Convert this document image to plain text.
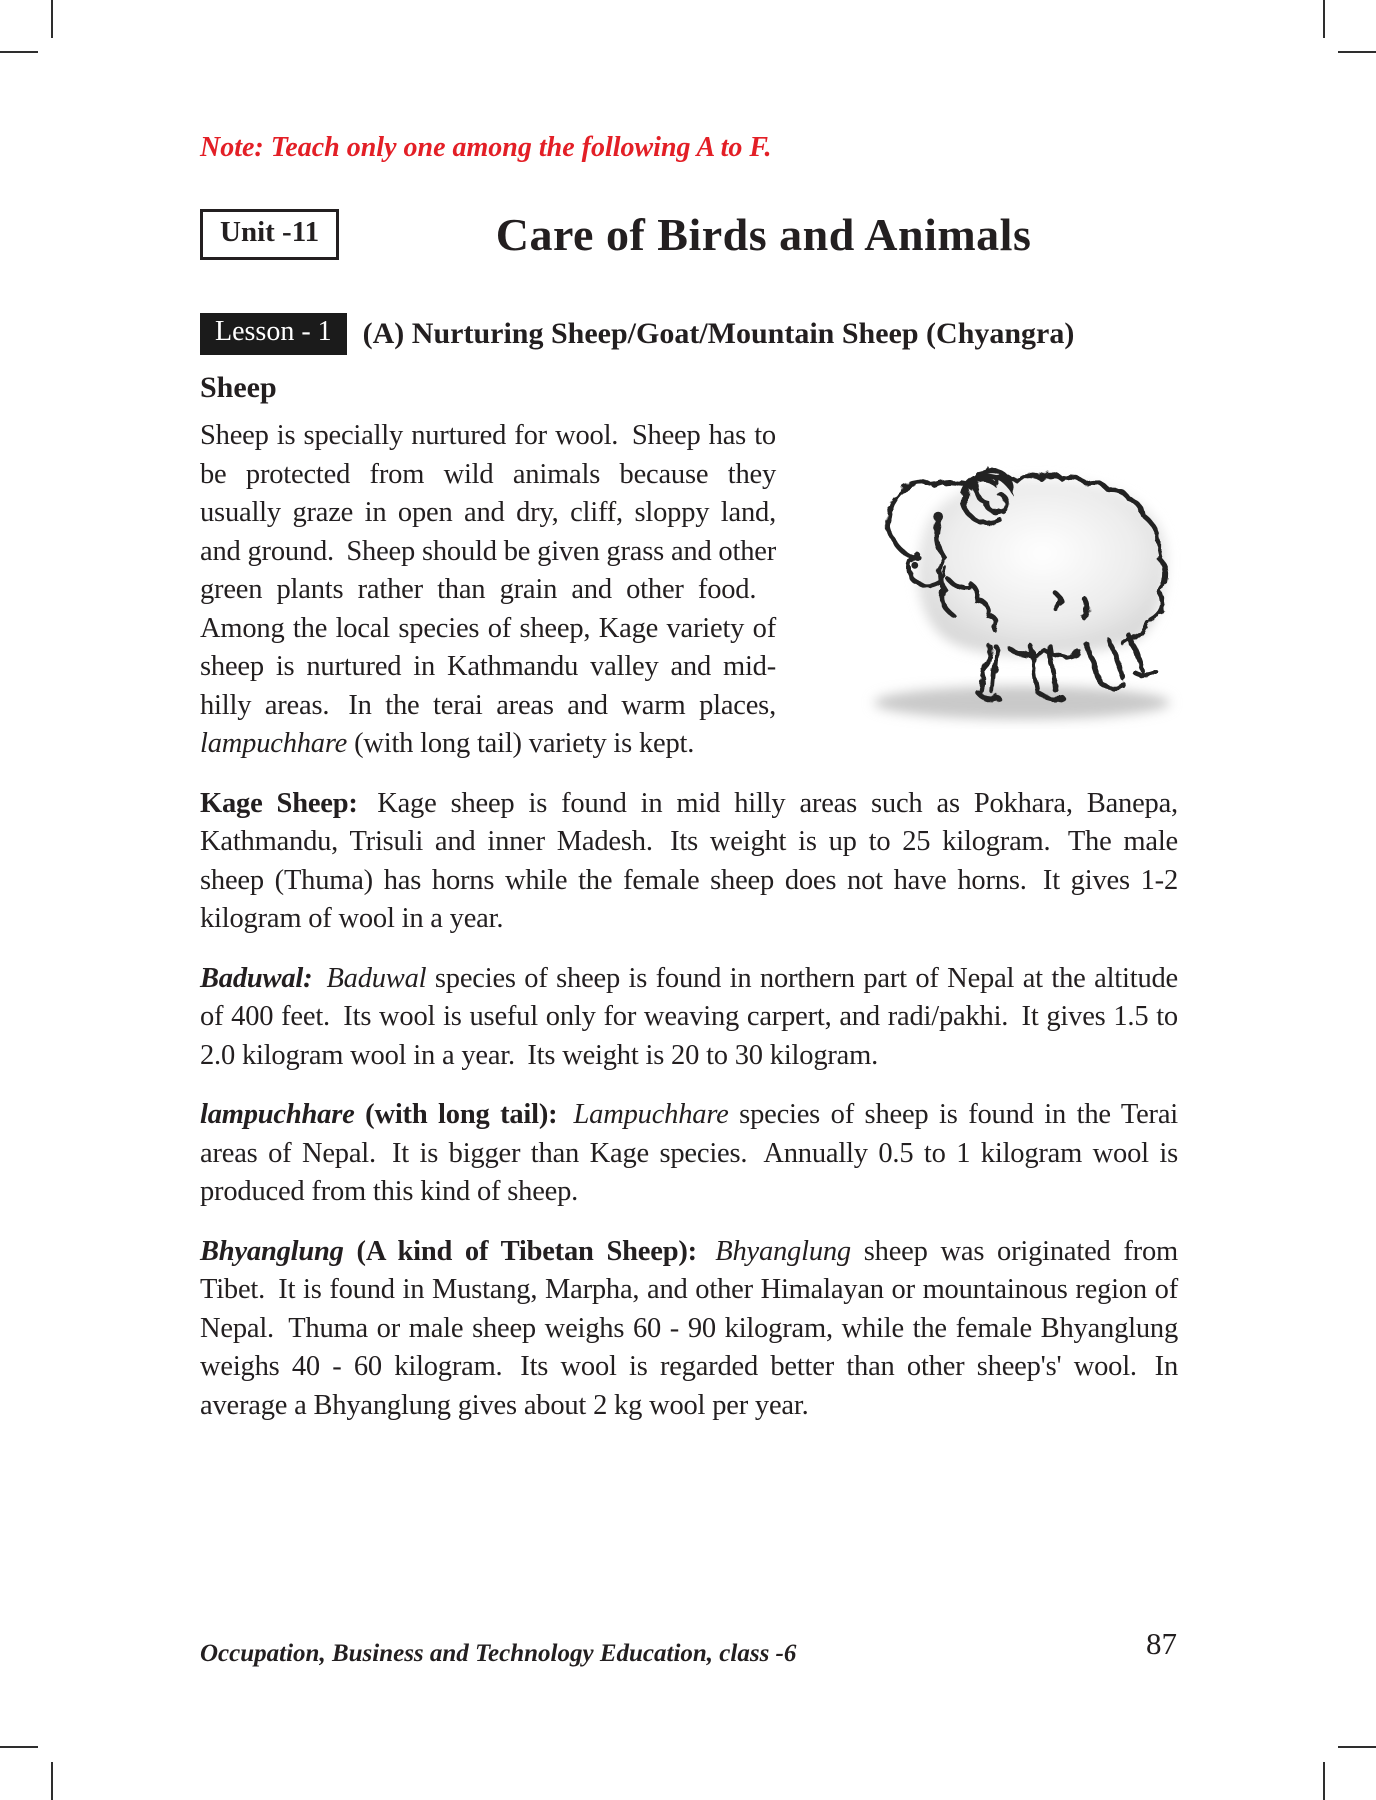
Note: Teach only one among the following A to F.
Unit -11	Care of Birds and Animals
Lesson - 1	(A) Nurturing Sheep/Goat/Mountain Sheep (Chyangra)
Sheep

Sheep is specially nurtured for wool.  Sheep has to be protected from wild animals because they usually graze in open and dry, cliff, sloppy land, and ground.  Sheep should be given grass and other green plants rather than grain and other food.  Among the local species of sheep, Kage variety of sheep is nurtured in Kathmandu valley and mid-hilly areas.  In the terai areas and warm places, lampuchhare (with long tail) variety is kept.

Kage Sheep:  Kage sheep is found in mid hilly areas such as Pokhara, Banepa, Kathmandu, Trisuli and inner Madesh.  Its weight is up to 25 kilogram.  The male sheep (Thuma) has horns while the female sheep does not have horns.  It gives 1-2 kilogram of wool in a year.

Baduwal:   Baduwal species of sheep is found in northern part of Nepal at the altitude of 400 feet.  Its wool is useful only for weaving carpert, and radi/pakhi.  It gives 1.5 to 2.0 kilogram wool in a year.  Its weight is 20 to 30 kilogram.

lampuchhare (with long tail):   Lampuchhare species of sheep is found in the Terai areas of Nepal.  It is bigger than Kage species.  Annually 0.5 to 1 kilogram wool is produced from this kind of sheep.

Bhyanglung (A kind of Tibetan Sheep):   Bhyanglung sheep was originated from Tibet.  It is found in Mustang, Marpha, and other Himalayan or mountainous region of Nepal.  Thuma or male sheep weighs 60 - 90 kilogram, while the female Bhyanglung weighs 40 - 60 kilogram.  Its wool is regarded better than other sheep's' wool.  In average a Bhyanglung gives about 2 kg wool per year.

Occupation, Business and Technology Education, class -6	87
